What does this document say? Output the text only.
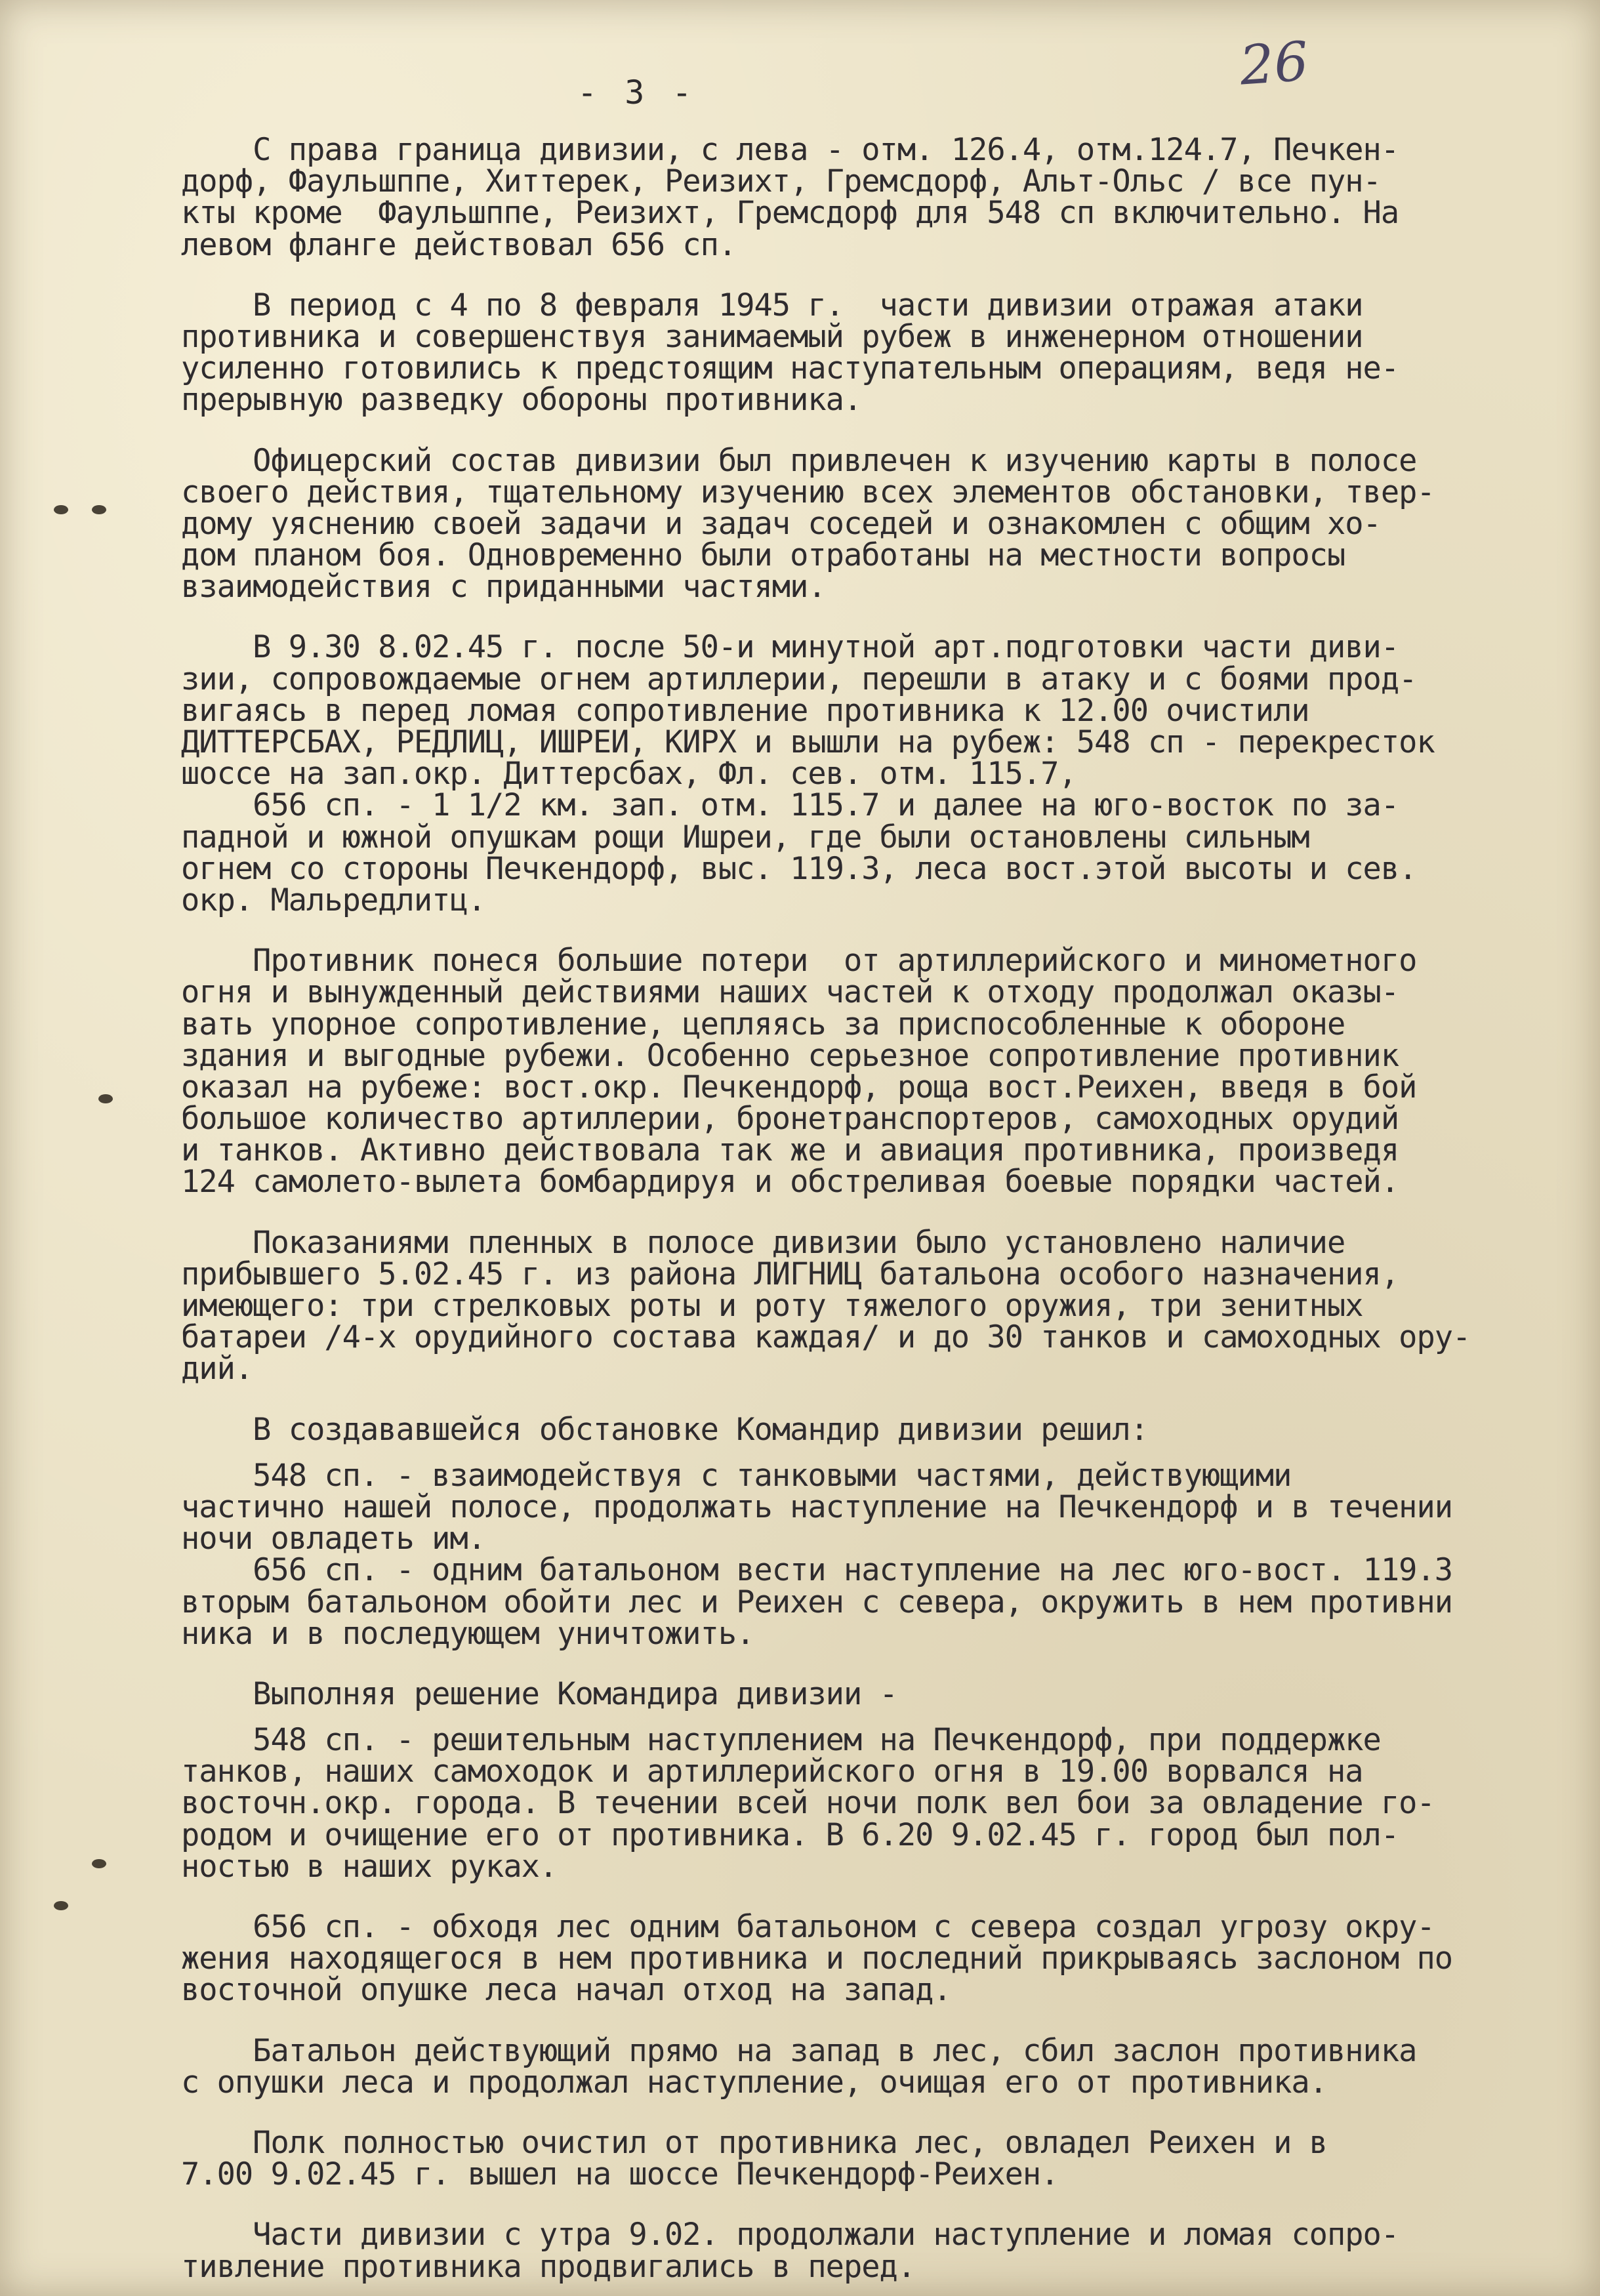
26
- 3 -
С права граница дивизии, с лева - отм. 126.4, отм.124.7, Печкен-
дорф, Фаульшппе, Хиттерек, Реизихт, Гремсдорф, Альт-Ольс / все пун-
кты кроме  Фаульшппе, Реизихт, Гремсдорф для 548 сп включительно. На
левом фланге действовал 656 сп.
В период с 4 по 8 февраля 1945 г.  части дивизии отражая атаки
противника и совершенствуя занимаемый рубеж в инженерном отношении
усиленно готовились к предстоящим наступательным операциям, ведя не-
прерывную разведку обороны противника.
Офицерский состав дивизии был привлечен к изучению карты в полосе
своего действия, тщательному изучению всех элементов обстановки, твер-
дому уяснению своей задачи и задач соседей и ознакомлен с общим хо-
дом планом боя. Одновременно были отработаны на местности вопросы
взаимодействия с приданными частями.
В 9.30 8.02.45 г. после 50-и минутной арт.подготовки части диви-
зии, сопровождаемые огнем артиллерии, перешли в атаку и с боями прод-
вигаясь в перед ломая сопротивление противника к 12.00 очистили
ДИТТЕРСБАХ, РЕДЛИЦ, ИШРЕИ, КИРХ и вышли на рубеж: 548 сп - перекресток
шоссе на зап.окр. Диттерсбах, Фл. сев. отм. 115.7,
656 сп. - 1 1/2 км. зап. отм. 115.7 и далее на юго-восток по за-
падной и южной опушкам рощи Ишреи, где были остановлены сильным
огнем со стороны Печкендорф, выс. 119.3, леса вост.этой высоты и сев.
окр. Мальредлитц.
Противник понеся большие потери  от артиллерийского и минометного
огня и вынужденный действиями наших частей к отходу продолжал оказы-
вать упорное сопротивление, цепляясь за приспособленные к обороне
здания и выгодные рубежи. Особенно серьезное сопротивление противник
оказал на рубеже: вост.окр. Печкендорф, роща вост.Реихен, введя в бой
большое количество артиллерии, бронетранспортеров, самоходных орудий
и танков. Активно действовала так же и авиация противника, произведя
124 самолето-вылета бомбардируя и обстреливая боевые порядки частей.
Показаниями пленных в полосе дивизии было установлено наличие
прибывшего 5.02.45 г. из района ЛИГНИЦ батальона особого назначения,
имеющего: три стрелковых роты и роту тяжелого оружия, три зенитных
батареи /4-х орудийного состава каждая/ и до 30 танков и самоходных ору-
дий.
В создававшейся обстановке Командир дивизии решил:
548 сп. - взаимодействуя с танковыми частями, действующими
частично нашей полосе, продолжать наступление на Печкендорф и в течении
ночи овладеть им.
656 сп. - одним батальоном вести наступление на лес юго-вост. 119.3
вторым батальоном обойти лес и Реихен с севера, окружить в нем противни
ника и в последующем уничтожить.
Выполняя решение Командира дивизии -
548 сп. - решительным наступлением на Печкендорф, при поддержке
танков, наших самоходок и артиллерийского огня в 19.00 ворвался на
восточн.окр. города. В течении всей ночи полк вел бои за овладение го-
родом и очищение его от противника. В 6.20 9.02.45 г. город был пол-
ностью в наших руках.
656 сп. - обходя лес одним батальоном с севера создал угрозу окру-
жения находящегося в нем противника и последний прикрываясь заслоном по
восточной опушке леса начал отход на запад.
Батальон действующий прямо на запад в лес, сбил заслон противника
с опушки леса и продолжал наступление, очищая его от противника.
Полк полностью очистил от противника лес, овладел Реихен и в
7.00 9.02.45 г. вышел на шоссе Печкендорф-Реихен.
Части дивизии с утра 9.02. продолжали наступление и ломая сопро-
тивление противника продвигались в перед.
